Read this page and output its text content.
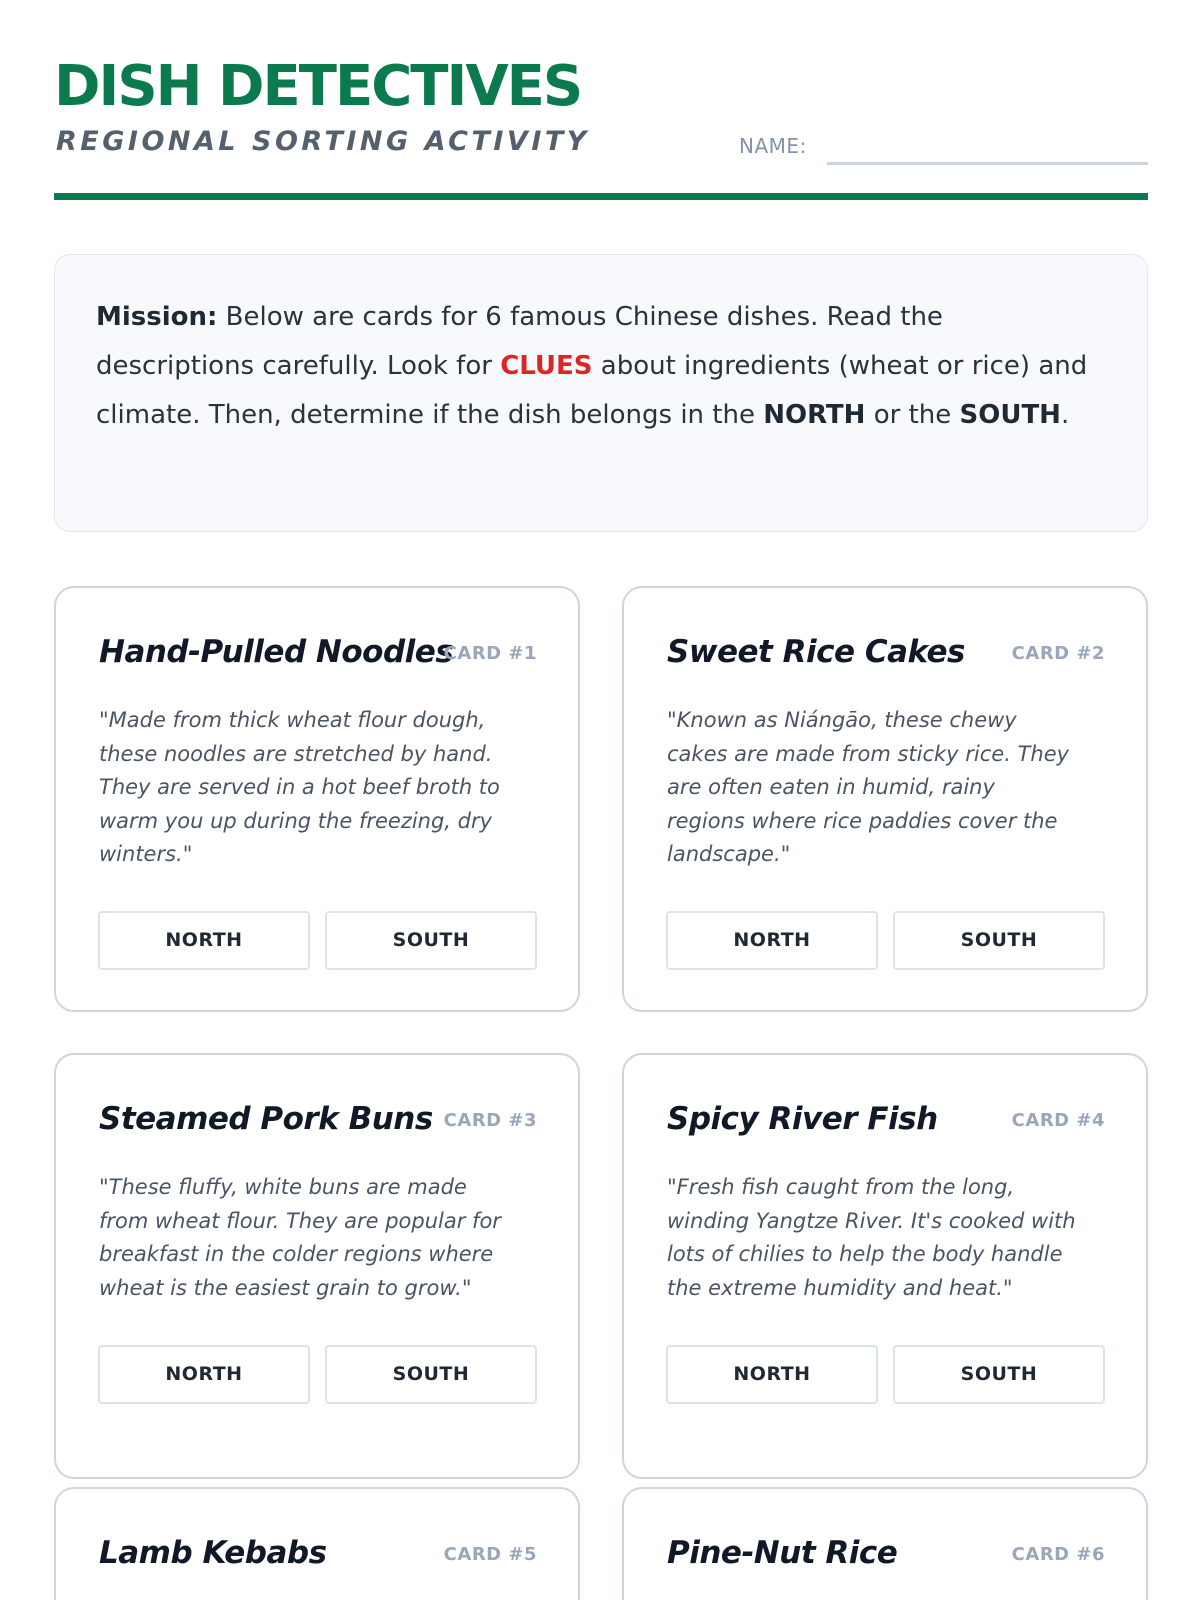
DISH DETECTIVES
REGIONAL SORTING ACTIVITY	NAME:
Mission: Below are cards for 6 famous Chinese dishes. Read the descriptions carefully. Look for CLUES about ingredients (wheat or rice) and climate. Then, determine if the dish belongs in the NORTH or the SOUTH.
Hand-Pulled Noodles
CARD #1
"Made from thick wheat flour dough, these noodles are stretched by hand. They are served in a hot beef broth to warm you up during the freezing, dry winters."
NORTH	SOUTH
Sweet Rice Cakes	CARD #2
"Known as Niángāo, these chewy cakes are made from sticky rice. They are often eaten in humid, rainy regions where rice paddies cover the landscape."
NORTH	SOUTH
Steamed Pork Buns CARD #3
"These fluffy, white buns are made from wheat flour. They are popular for breakfast in the colder regions where wheat is the easiest grain to grow."
NORTH	SOUTH
Spicy River Fish	CARD #4
"Fresh fish caught from the long, winding Yangtze River. It's cooked with lots of chilies to help the body handle the extreme humidity and heat."
NORTH	SOUTH
Lamb Kebabs	CARD #5	Pine-Nut Rice	CARD #6
